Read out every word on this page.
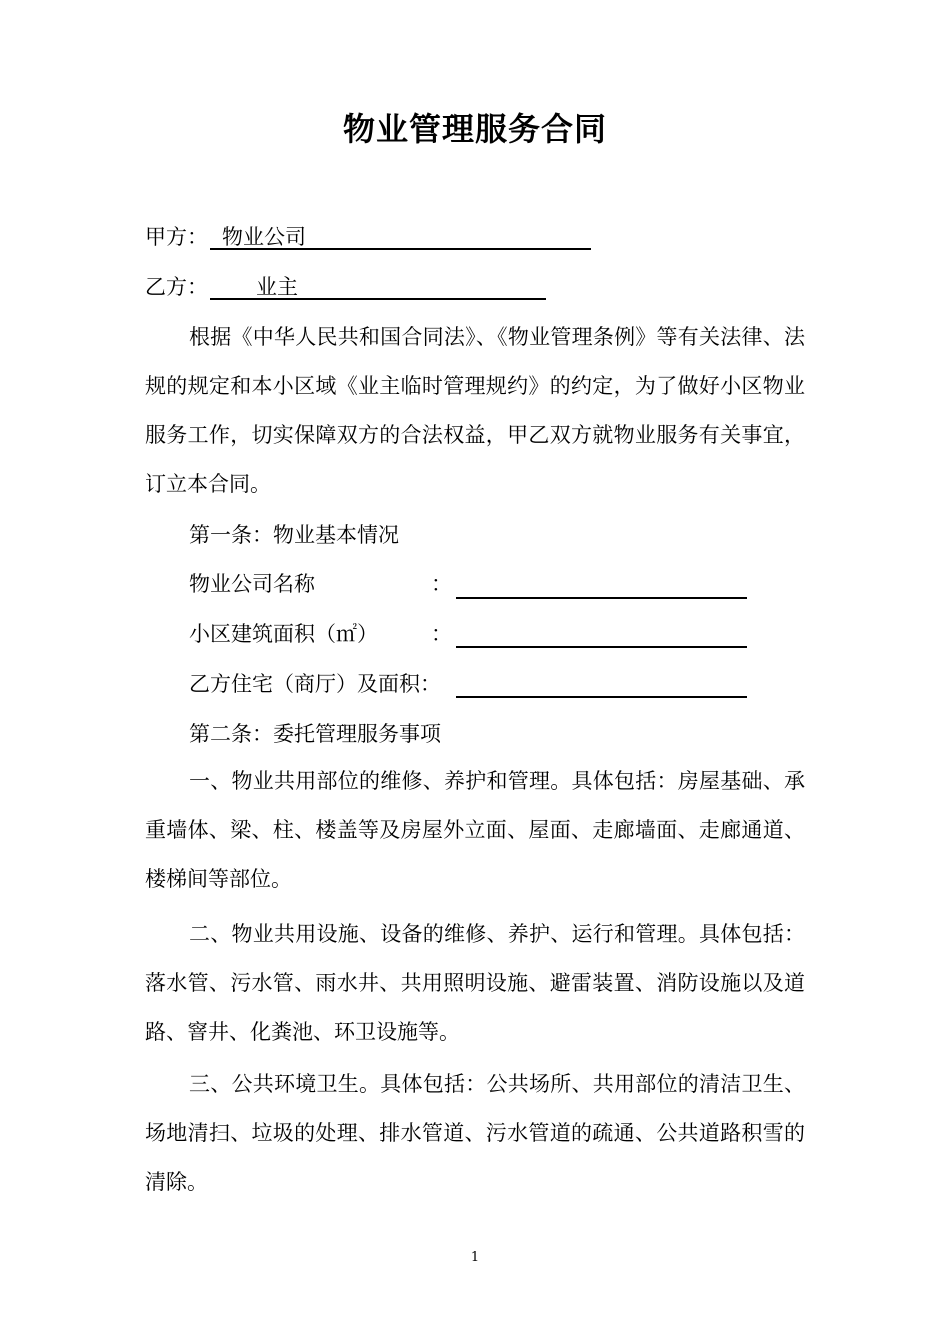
物业管理服务合同
甲方： 物业公司
乙方： 业主
根据《中华人民共和国合同法》、《物业管理条例》等有关法律、法规的规定和本小区域《业主临时管理规约》的约定，为了做好小区物业服务工作，切实保障双方的合法权益，甲乙双方就物业服务有关事宜，订立本合同。
第一条：物业基本情况
物业公司名称	：
小区建筑面积（㎡）	：
乙方住宅（商厅）及面积：
第二条：委托管理服务事项
一、物业共用部位的维修、养护和管理。具体包括：房屋基础、承重墙体、梁、柱、楼盖等及房屋外立面、屋面、走廊墙面、走廊通道、楼梯间等部位。
二、物业共用设施、设备的维修、养护、运行和管理。具体包括：落水管、污水管、雨水井、共用照明设施、避雷装置、消防设施以及道路、窨井、化粪池、环卫设施等。
三、公共环境卫生。具体包括：公共场所、共用部位的清洁卫生、场地清扫、垃圾的处理、排水管道、污水管道的疏通、公共道路积雪的清除。
1
